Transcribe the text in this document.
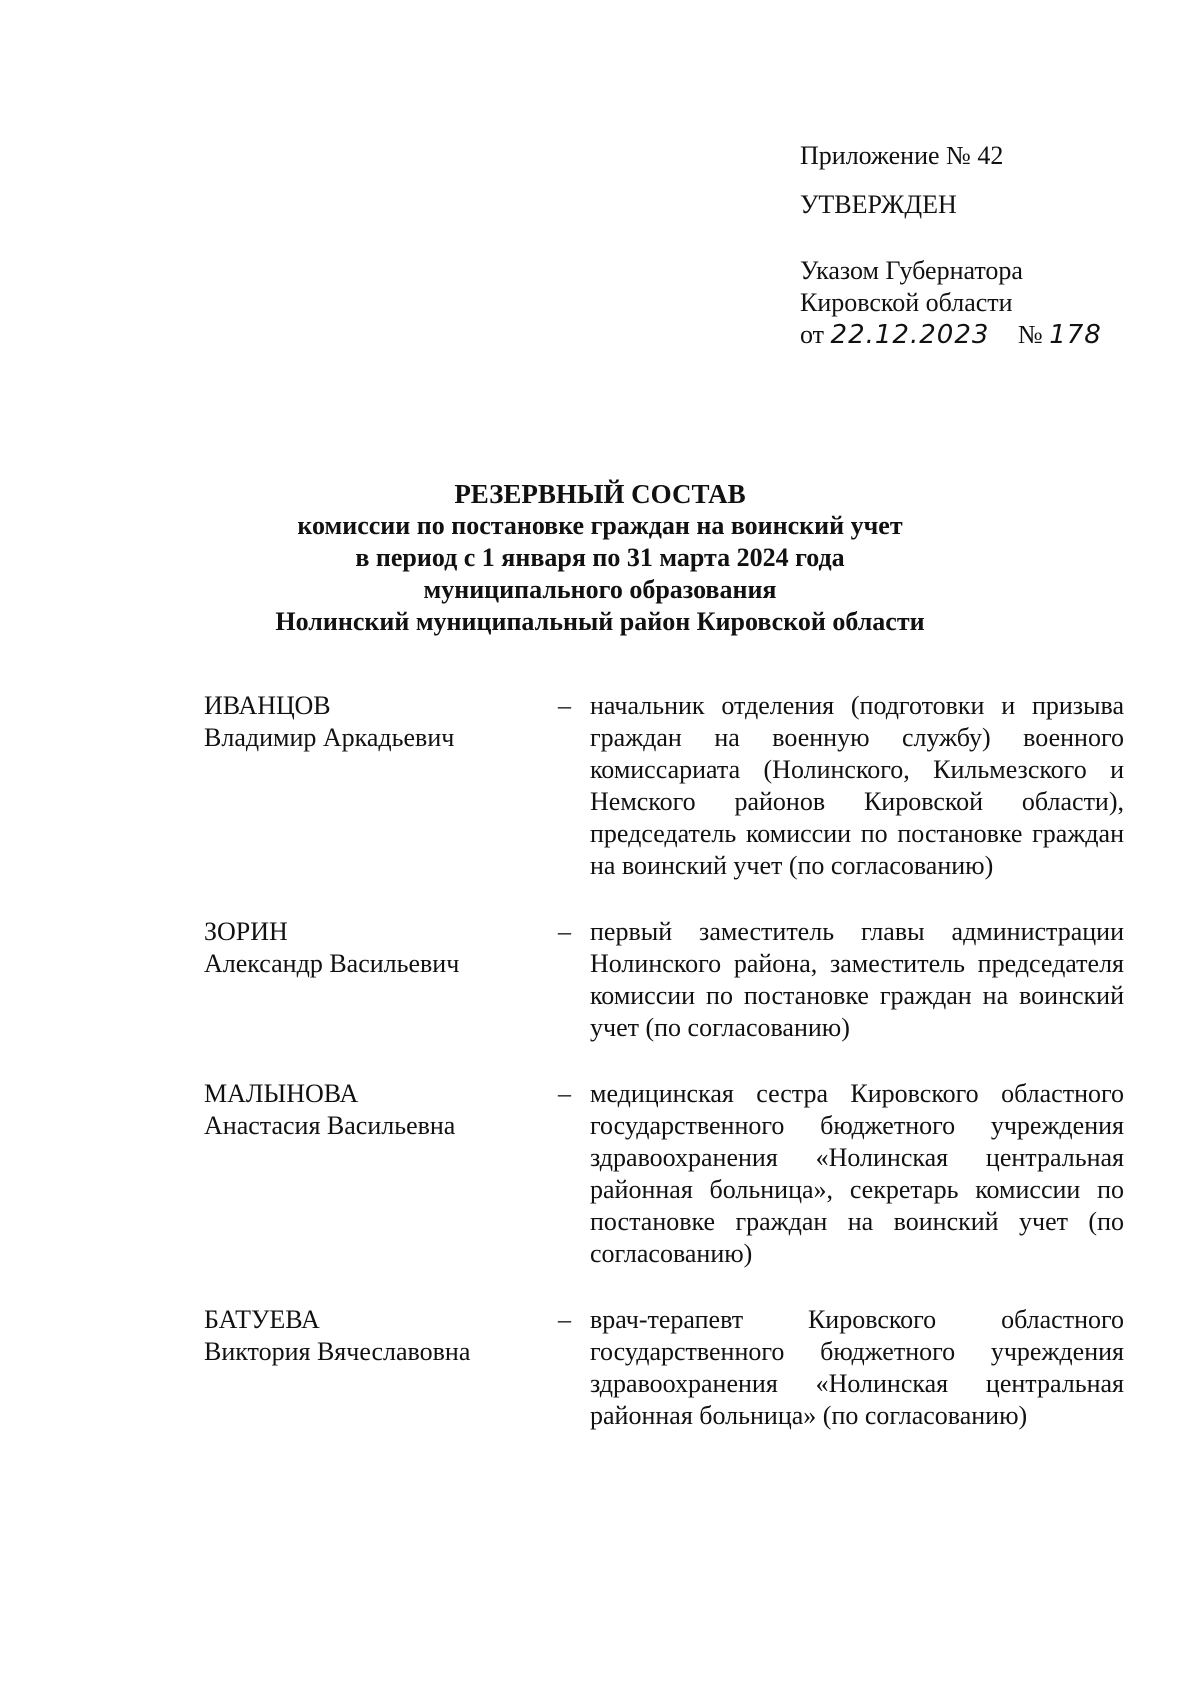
Приложение № 42
УТВЕРЖДЕН
Указом Губернатора
Кировской области
от 22.12.2023 № 178
РЕЗЕРВНЫЙ СОСТАВ
комиссии по постановке граждан на воинский учет
в период с 1 января по 31 марта 2024 года
муниципального образования
Нолинский муниципальный район Кировской области
ИВАНЦОВ
Владимир Аркадьевич
– начальник отделения (подготовки и призыва граждан на военную службу) военного комиссариата (Нолинского, Кильмезского и Немского районов Кировской области), председатель комиссии по постановке граждан на воинский учет (по согласованию)
ЗОРИН
Александр Васильевич
– первый заместитель главы администрации Нолинского района, заместитель председателя комиссии по постановке граждан на воинский учет (по согласованию)
МАЛЫНОВА
Анастасия Васильевна
– медицинская сестра Кировского областного государственного бюджетного учреждения здравоохранения «Нолинская центральная районная больница», секретарь комиссии по постановке граждан на воинский учет (по согласованию)
БАТУЕВА
Виктория Вячеславовна
– врач-терапевт Кировского областного государственного бюджетного учреждения здравоохранения «Нолинская центральная районная больница» (по согласованию)
